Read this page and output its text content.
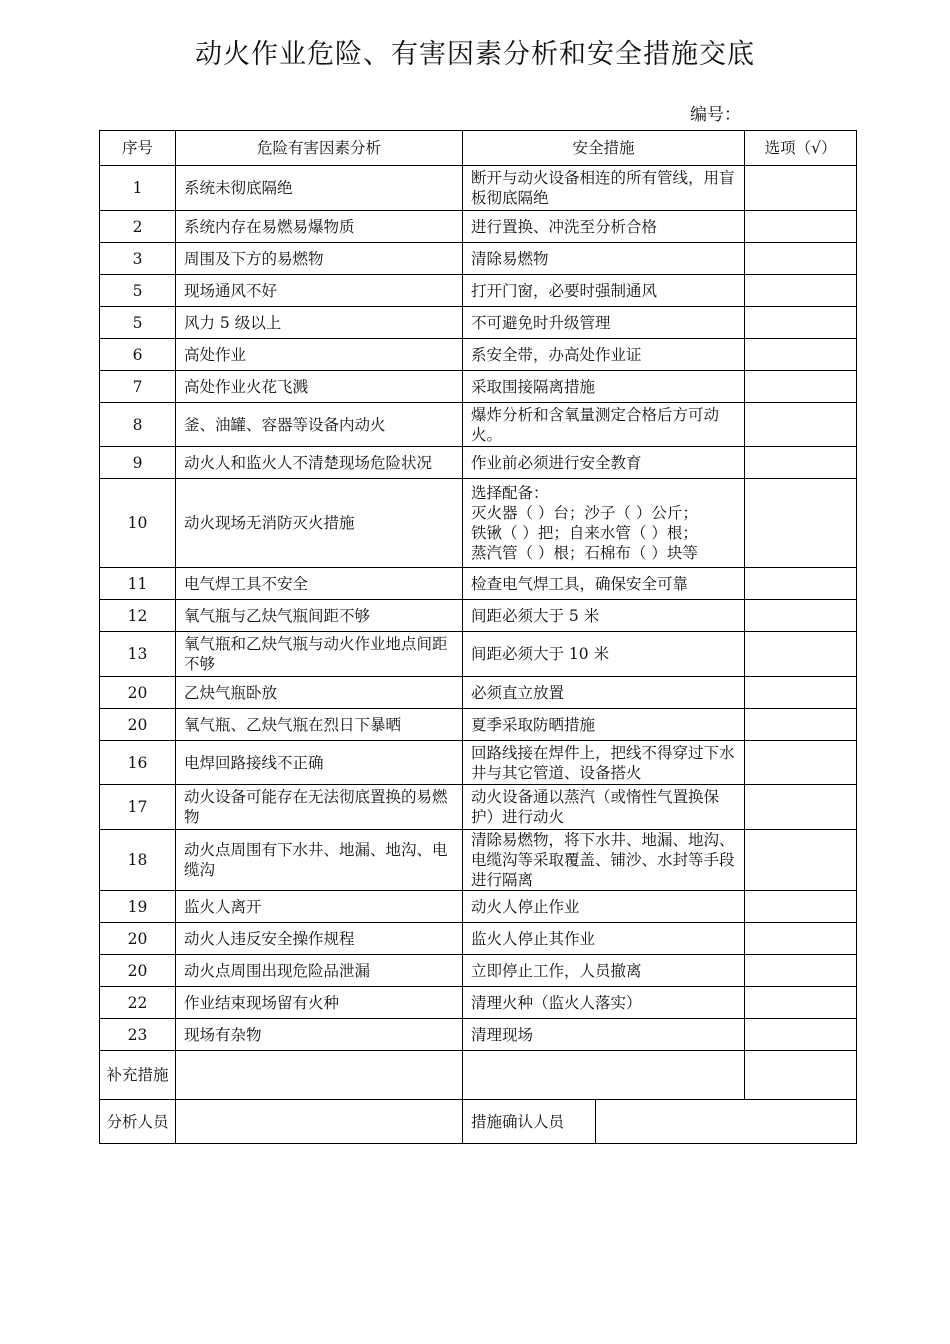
动火作业危险、有害因素分析和安全措施交底
编号：
序号	危险有害因素分析	安全措施		选项（√）
1	系统未彻底隔绝	断开与动火设备相连的所有管线，用盲板彻底隔绝		
2	系统内存在易燃易爆物质	进行置换、冲洗至分析合格		
3	周围及下方的易燃物	清除易燃物		
5	现场通风不好	打开门窗，必要时强制通风		
5	风力 5 级以上	不可避免时升级管理		
6	高处作业	系安全带，办高处作业证		
7	高处作业火花飞溅	采取围接隔离措施		
8	釜、油罐、容器等设备内动火	爆炸分析和含氧量测定合格后方可动火。		
9	动火人和监火人不清楚现场危险状况	作业前必须进行安全教育		
10	动火现场无消防灭火措施	选择配备：
灭火器（ ）台；沙子（ ）公斤；
铁锹（ ）把；自来水管（ ）根；
蒸汽管（ ）根；石棉布（ ）块等		

11	电气焊工具不安全	检查电气焊工具，确保安全可靠		
12	氧气瓶与乙炔气瓶间距不够	间距必须大于 5 米		
13	氧气瓶和乙炔气瓶与动火作业地点间距不够	间距必须大于 10 米		
20	乙炔气瓶卧放	必须直立放置		
20	氧气瓶、乙炔气瓶在烈日下暴晒	夏季采取防晒措施		
16	电焊回路接线不正确	回路线接在焊件上，把线不得穿过下水井与其它管道、设备搭火		
17	动火设备可能存在无法彻底置换的易燃物	动火设备通以蒸汽（或惰性气置换保护）进行动火		
18	动火点周围有下水井、地漏、地沟、电缆沟	清除易燃物，将下水井、地漏、地沟、电缆沟等采取覆盖、铺沙、水封等手段进行隔离		
19	监火人离开	动火人停止作业		
20	动火人违反安全操作规程	监火人停止其作业		
20	动火点周围出现危险品泄漏	立即停止工作，人员撤离		
22	作业结束现场留有火种	清理火种（监火人落实）		
23	现场有杂物	清理现场		
补充措施				
分析人员		措施确认人员		
